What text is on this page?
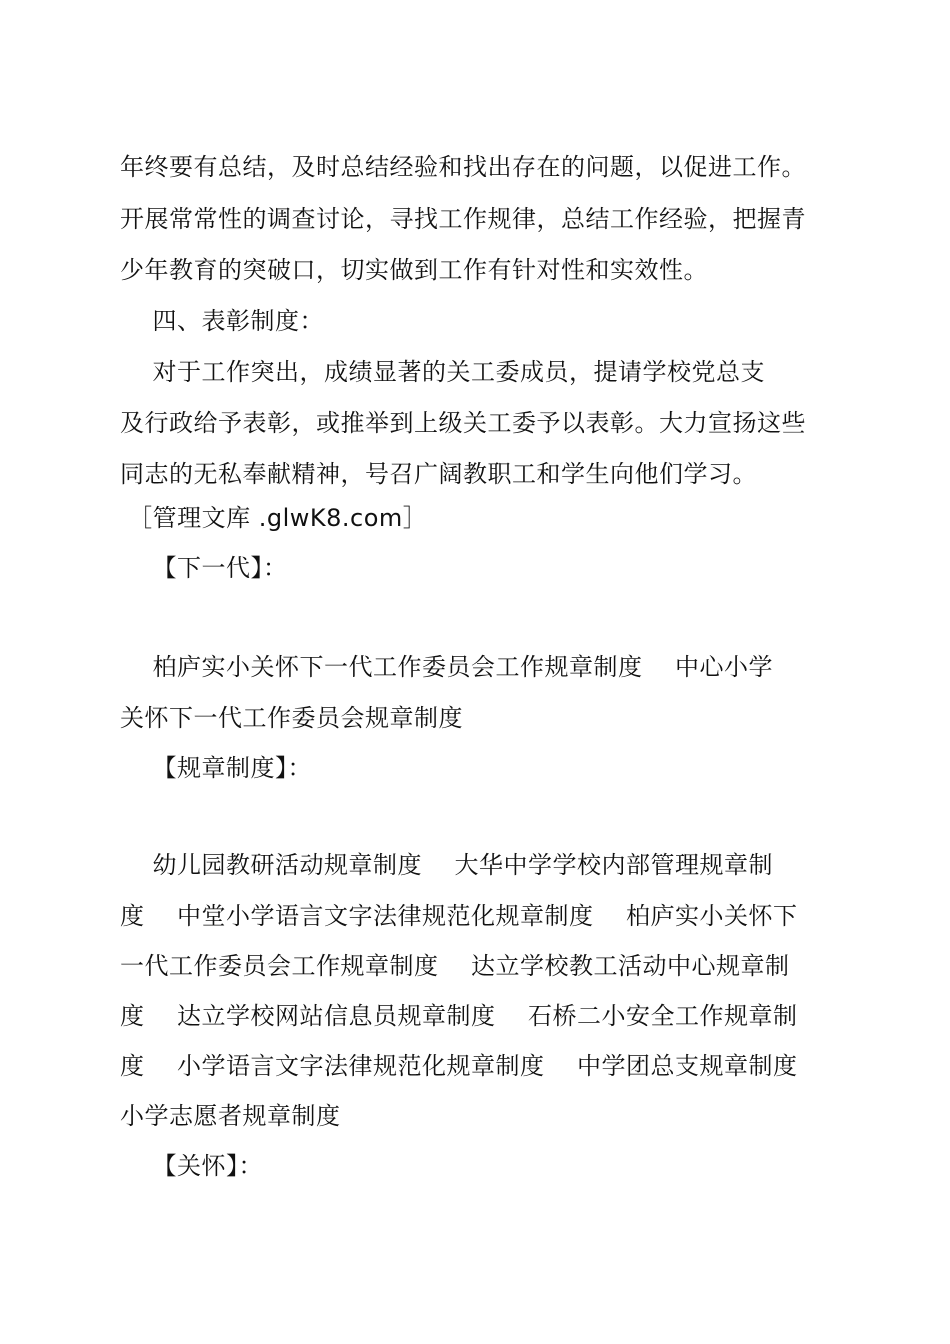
年终要有总结，及时总结经验和找出存在的问题，以促进工作。
开展常常性的调查讨论，寻找工作规律，总结工作经验，把握青
少年教育的突破口，切实做到工作有针对性和实效性。
四、表彰制度：
对于工作突出，成绩显著的关工委成员，提请学校党总支
及行政给予表彰，或推举到上级关工委予以表彰。大力宣扬这些
同志的无私奉献精神，号召广阔教职工和学生向他们学习。
［管理文库 .glwK8.com］
【下一代】：
柏庐实小关怀下一代工作委员会工作规章制度    中心小学
关怀下一代工作委员会规章制度
【规章制度】：
幼儿园教研活动规章制度    大华中学学校内部管理规章制
度    中堂小学语言文字法律规范化规章制度    柏庐实小关怀下
一代工作委员会工作规章制度    达立学校教工活动中心规章制
度    达立学校网站信息员规章制度    石桥二小安全工作规章制
度    小学语言文字法律规范化规章制度    中学团总支规章制度
小学志愿者规章制度
【关怀】：
